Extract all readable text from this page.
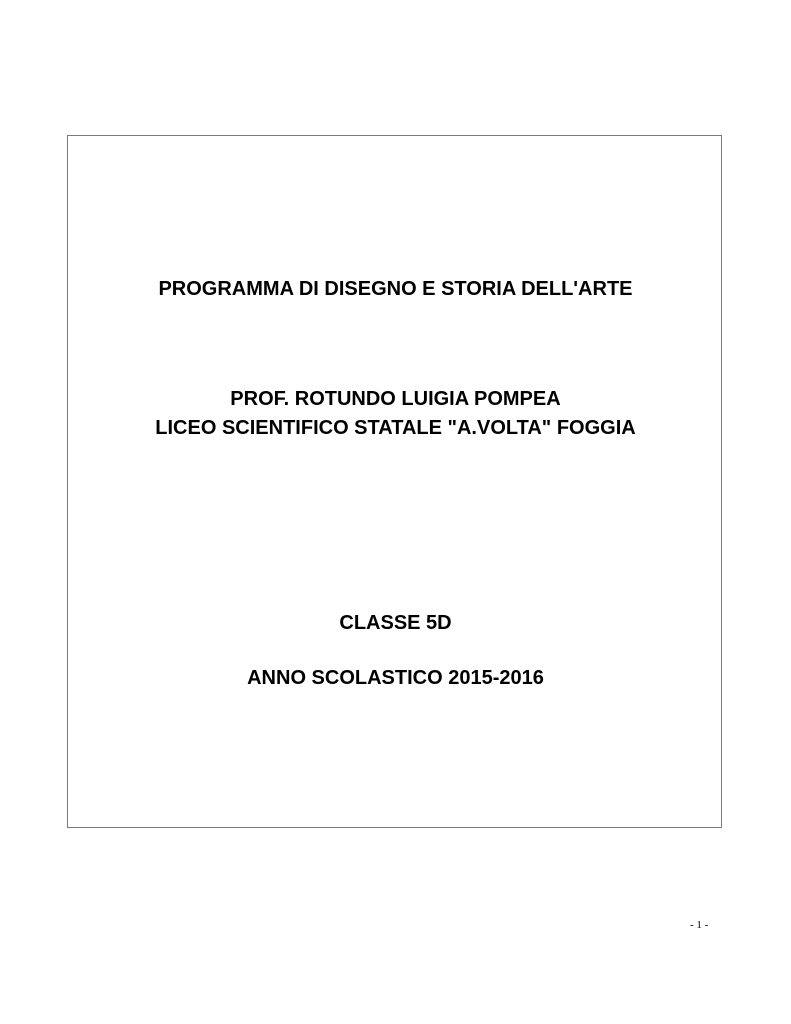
PROGRAMMA DI DISEGNO E STORIA DELL'ARTE
PROF. ROTUNDO LUIGIA POMPEA
LICEO SCIENTIFICO STATALE "A.VOLTA" FOGGIA
CLASSE 5D
ANNO SCOLASTICO 2015-2016
- 1 -
